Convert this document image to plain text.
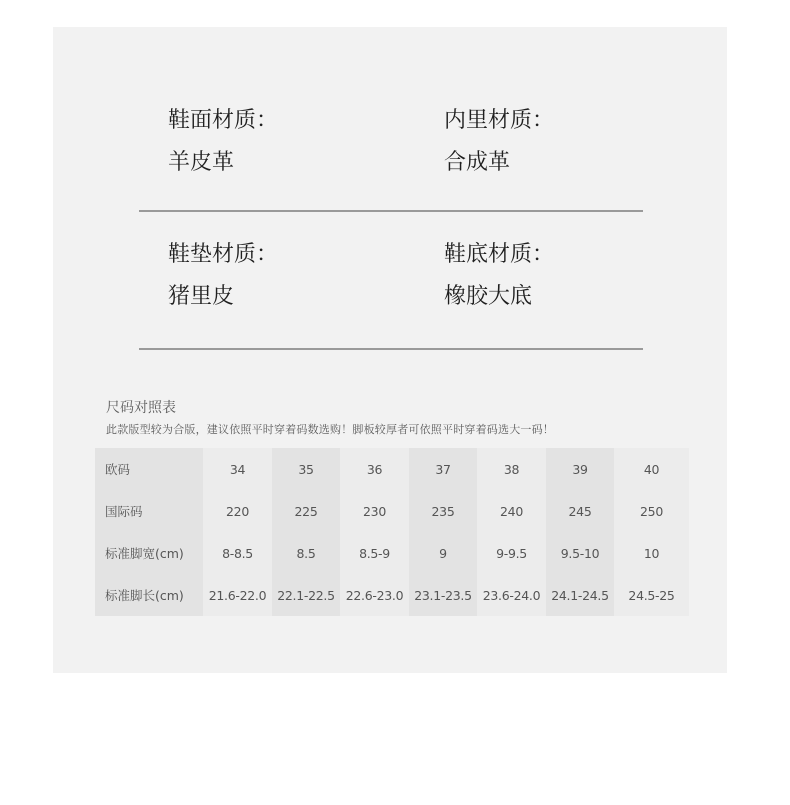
鞋面材质：
羊皮革
内里材质：
合成革
鞋垫材质：
猪里皮
鞋底材质：
橡胶大底
尺码对照表
此款版型较为合版，建议依照平时穿着码数选购！脚板较厚者可依照平时穿着码选大一码！
欧码	34	35	36	37	38	39	40
国际码	220	225	230	235	240	245	250
标准脚宽(cm)	8-8.5	8.5	8.5-9	9	9-9.5	9.5-10	10
标准脚长(cm)	21.6-22.0	22.1-22.5	22.6-23.0	23.1-23.5	23.6-24.0	24.1-24.5	24.5-25
